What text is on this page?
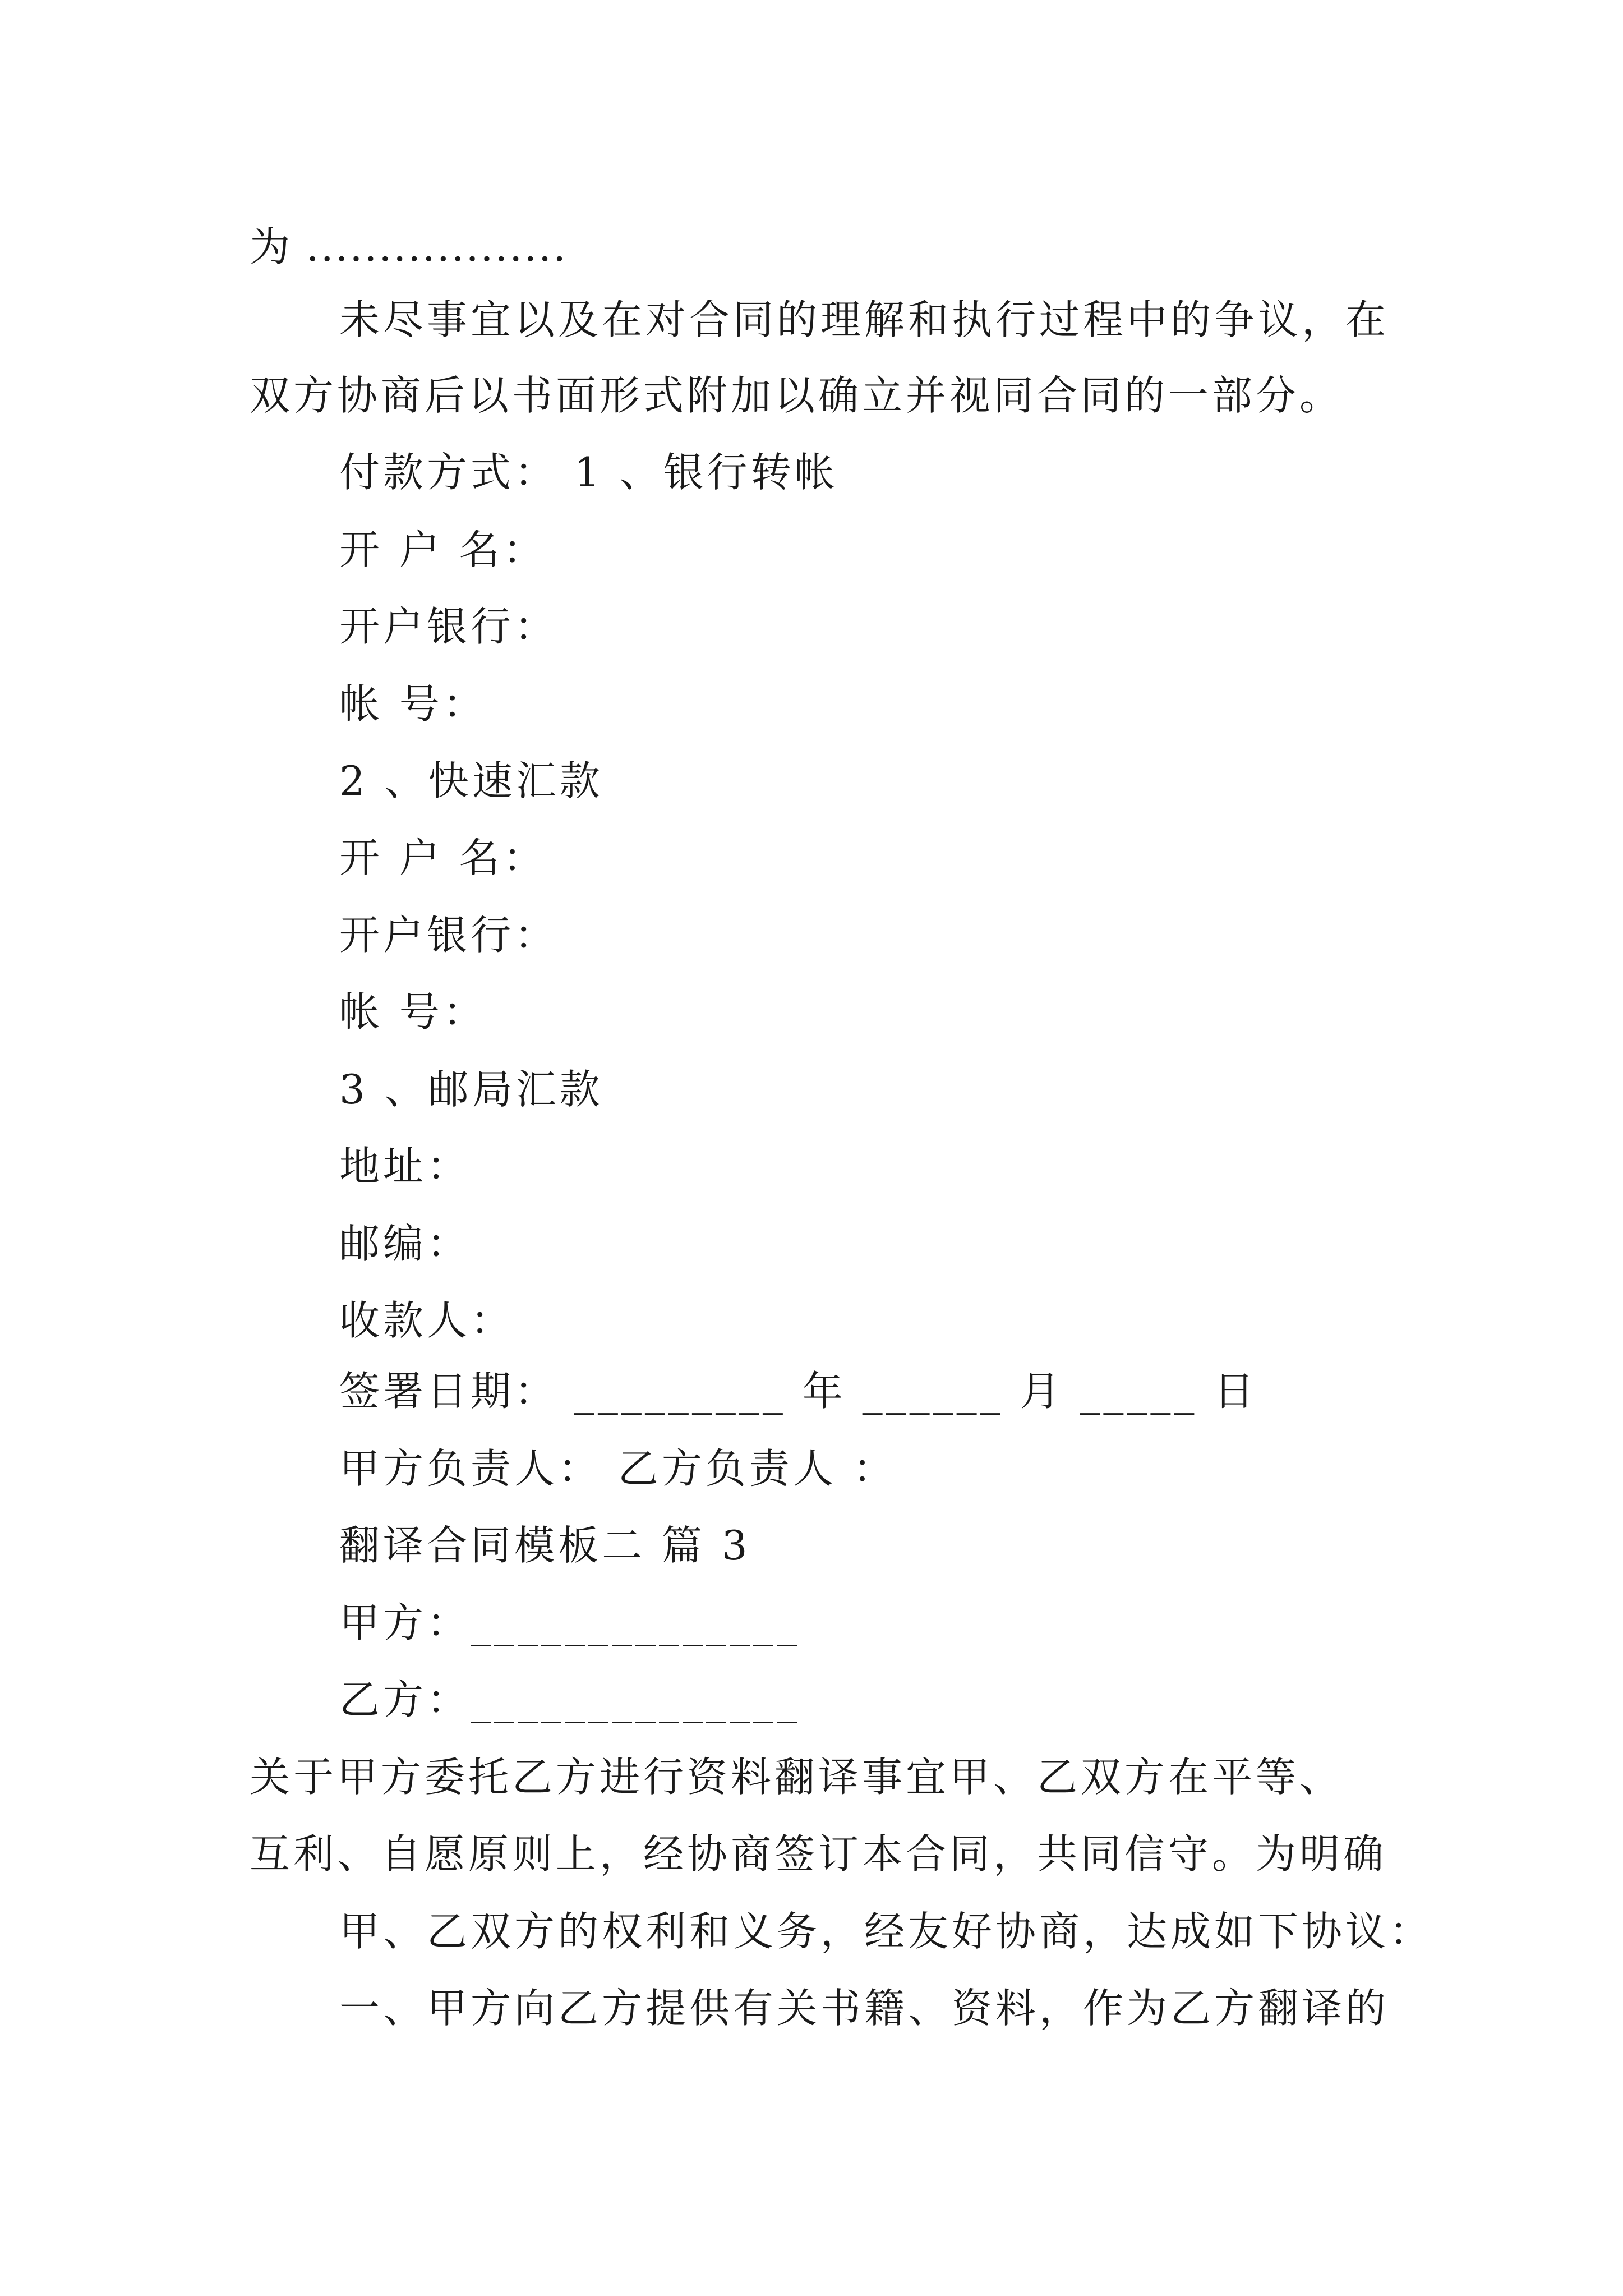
为 ..................
未尽事宜以及在对合同的理解和执行过程中的争议，在
双方协商后以书面形式附加以确立并视同合同的一部分。
付款方式： 1 、银行转帐
开 户 名：
开户银行：
帐 号：
2 、快速汇款
开 户 名：
开户银行：
帐 号：
3 、邮局汇款
地址：
邮编：
收款人：
签署日期： _________ 年 ______ 月 _____ 日
甲方负责人： 乙方负责人 ：
翻译合同模板二 篇 3
甲方：______________
乙方：______________
关于甲方委托乙方进行资料翻译事宜甲、乙双方在平等、
互利、自愿原则上，经协商签订本合同，共同信守。为明确
甲、乙双方的权利和义务，经友好协商，达成如下协议：
一、甲方向乙方提供有关书籍、资料，作为乙方翻译的
